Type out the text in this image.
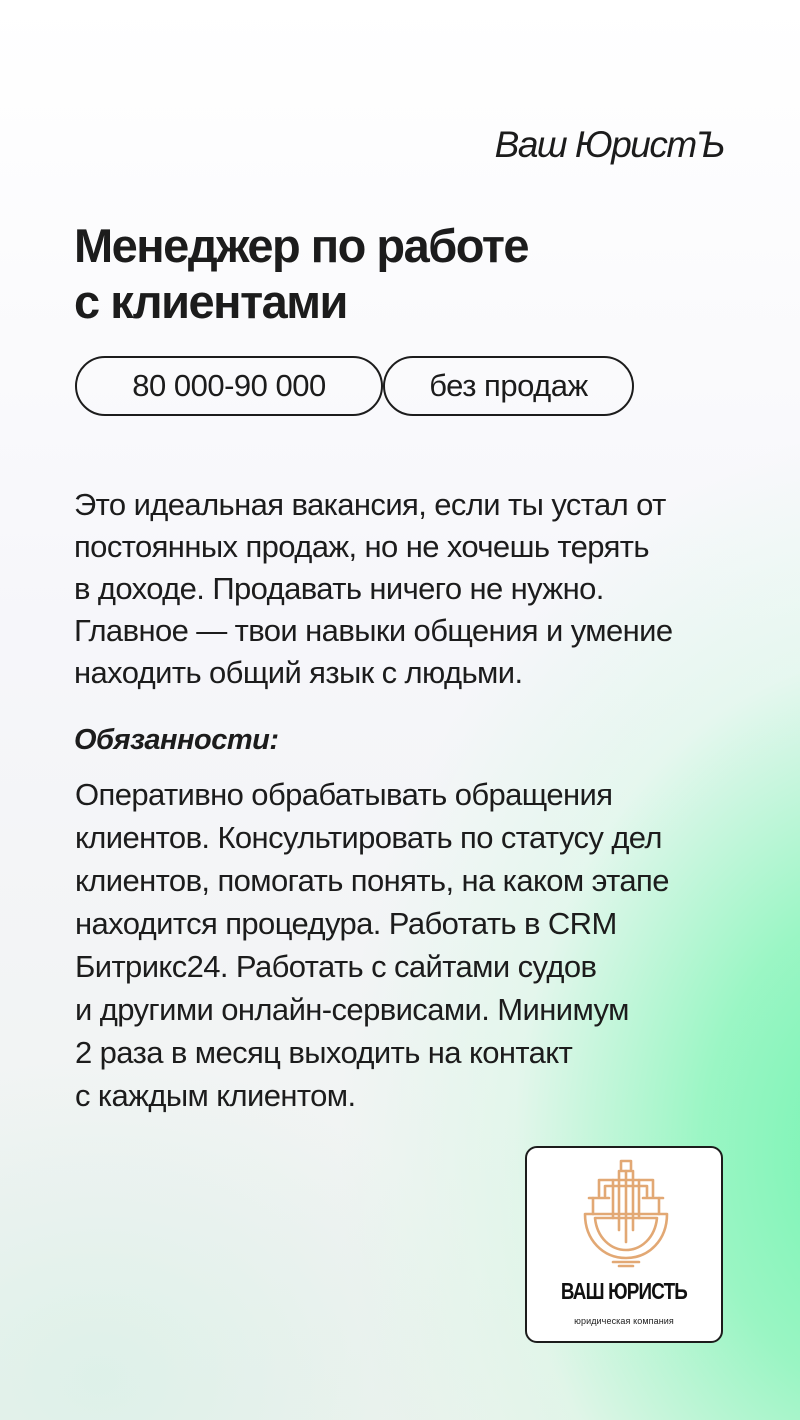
Ваш ЮристЪ
Менеджер по работе
с клиентами
80 000-90 000	без продаж

Это идеальная вакансия, если ты устал от
постоянных продаж, но не хочешь терять
в доходе. Продавать ничего не нужно.
Главное — твои навыки общения и умение
находить общий язык с людьми.

Обязанности:

Оперативно обрабатывать обращения
клиентов. Консультировать по статусу дел
клиентов, помогать понять, на каком этапе
находится процедура. Работать в CRM
Битрикс24. Работать с сайтами судов
и другими онлайн-сервисами. Минимум
2 раза в месяц выходить на контакт
с каждым клиентом.

ВАШ ЮРИСТЬ
юридическая компания
